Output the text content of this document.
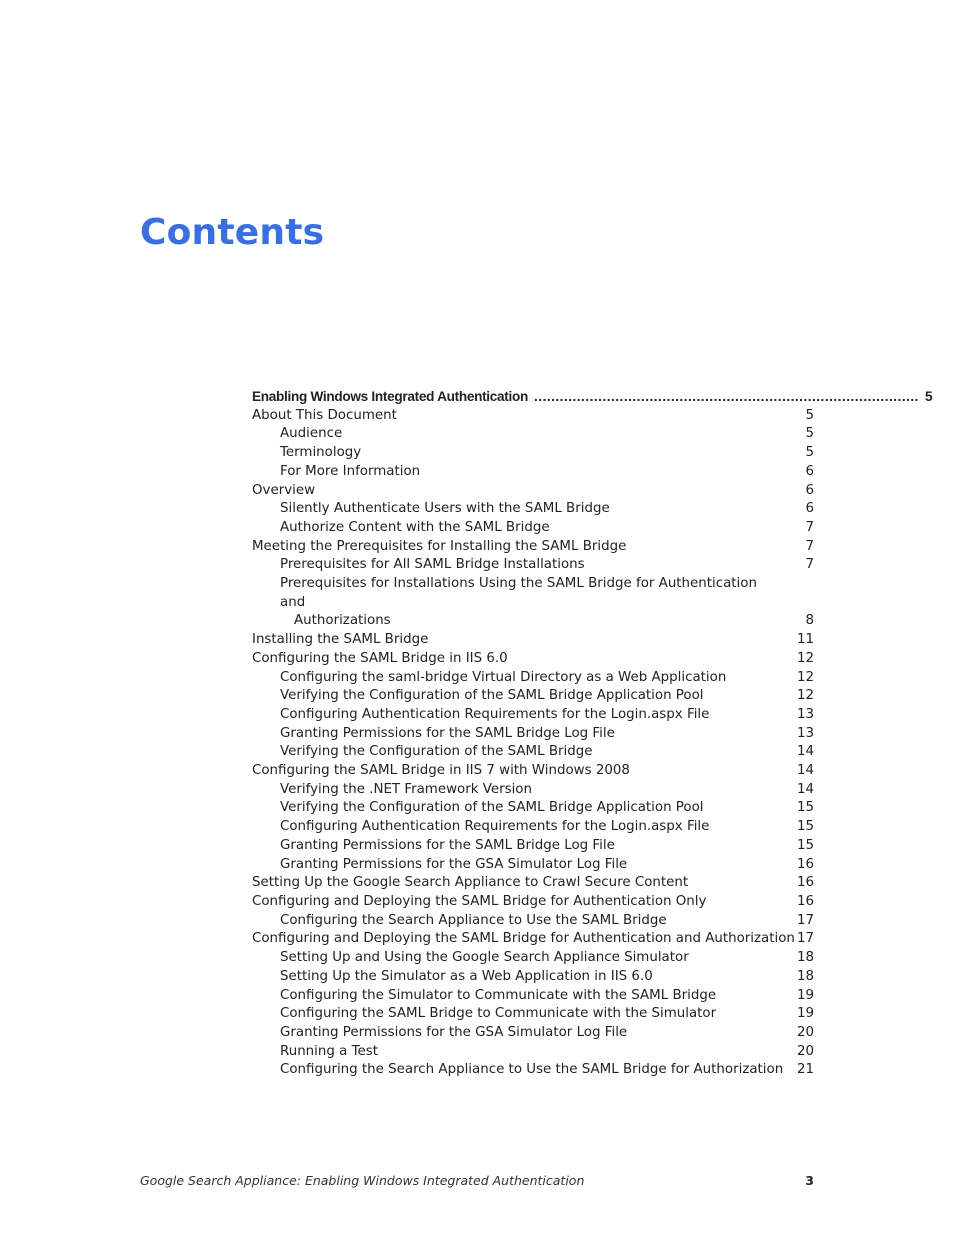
Contents
Enabling Windows Integrated Authentication .......................................................................................... 5
About This Document	5
Audience	5
Terminology	5
For More Information	6
Overview	6
Silently Authenticate Users with the SAML Bridge	6
Authorize Content with the SAML Bridge	7
Meeting the Prerequisites for Installing the SAML Bridge	7
Prerequisites for All SAML Bridge Installations	7
Prerequisites for Installations Using the SAML Bridge for Authentication and
Authorizations	8
Installing the SAML Bridge	11
Configuring the SAML Bridge in IIS 6.0	12
Configuring the saml-bridge Virtual Directory as a Web Application	12
Verifying the Configuration of the SAML Bridge Application Pool	12
Configuring Authentication Requirements for the Login.aspx File	13
Granting Permissions for the SAML Bridge Log File	13
Verifying the Configuration of the SAML Bridge	14
Configuring the SAML Bridge in IIS 7 with Windows 2008	14
Verifying the .NET Framework Version	14
Verifying the Configuration of the SAML Bridge Application Pool	15
Configuring Authentication Requirements for the Login.aspx File	15
Granting Permissions for the SAML Bridge Log File	15
Granting Permissions for the GSA Simulator Log File	16
Setting Up the Google Search Appliance to Crawl Secure Content	16
Configuring and Deploying the SAML Bridge for Authentication Only	16
Configuring the Search Appliance to Use the SAML Bridge	17
Configuring and Deploying the SAML Bridge for Authentication and Authorization 17
Setting Up and Using the Google Search Appliance Simulator	18
Setting Up the Simulator as a Web Application in IIS 6.0	18
Configuring the Simulator to Communicate with the SAML Bridge	19
Configuring the SAML Bridge to Communicate with the Simulator	19
Granting Permissions for the GSA Simulator Log File	20
Running a Test	20
Configuring the Search Appliance to Use the SAML Bridge for Authorization	21
Google Search Appliance: Enabling Windows Integrated Authentication	3
